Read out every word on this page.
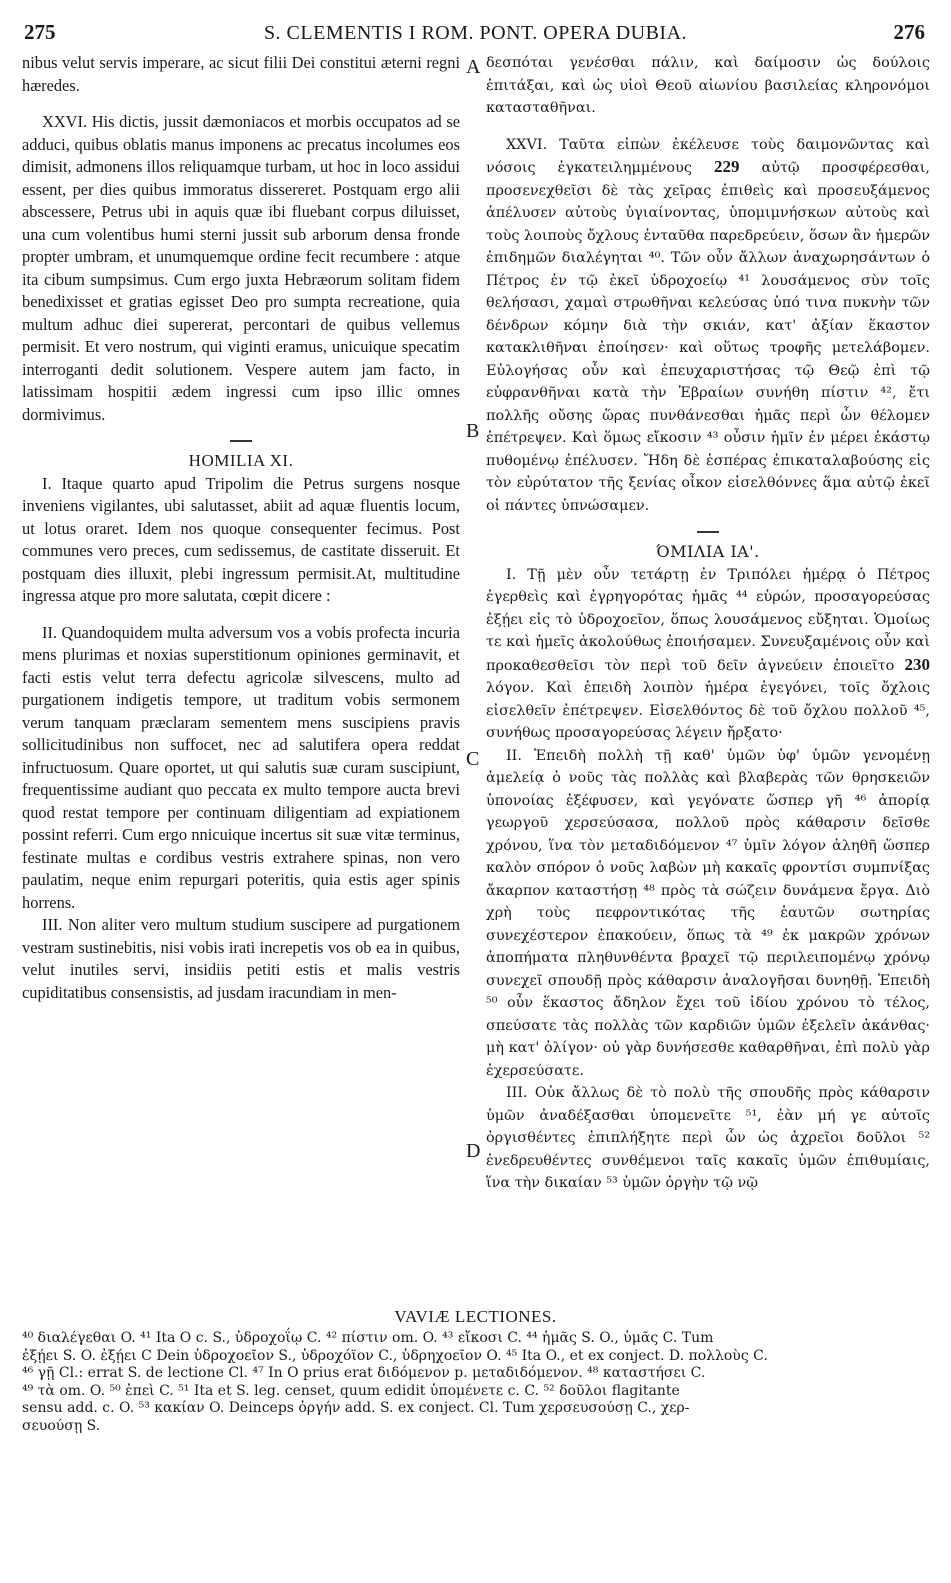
275	S. CLEMENTIS I ROM. PONT. OPERA DUBIA.	276

nibus velut servis imperare, ac sicut filii Dei constitui æterni regni hæredes.

XXVI. His dictis, jussit dæmoniacos et morbis occupatos ad se adduci, quibus oblatis manus imponens ac precatus incolumes eos dimisit, admonens illos reliquamque turbam, ut hoc in loco assidui essent, per dies quibus immoratus dissereret. Postquam ergo alii abscessere, Petrus ubi in aquis quæ ibi fluebant corpus diluisset, una cum volentibus humi sterni jussit sub arborum densa fronde propter umbram, et unumquemque ordine fecit recumbere : atque ita cibum sumpsimus. Cum ergo juxta Hebræorum solitam fidem benedixisset et gratias egisset Deo pro sumpta recreatione, quia multum adhuc diei supererat, percontari de quibus vellemus permisit. Et vero nostrum, qui viginti eramus, unicuique specatim interroganti dedit solutionem. Vespere autem jam facto, in latissimam hospitii ædem ingressi cum ipso illic omnes dormivimus.

HOMILIA XI.

I. Itaque quarto apud Tripolim die Petrus surgens nosque inveniens vigilantes, ubi salutasset, abiit ad aquæ fluentis locum, ut lotus oraret. Idem nos quoque consequenter fecimus. Post communes vero preces, cum sedissemus, de castitate disseruit. Et postquam dies illuxit, plebi ingressum permisit.At, multitudine ingressa atque pro more salutata, cœpit dicere :

II. Quandoquidem multa adversum vos a vobis profecta incuria mens plurimas et noxias superstitionum opiniones germinavit, et facti estis velut terra defectu agricolæ silvescens, multo ad purgationem indigetis tempore, ut traditum vobis sermonem verum tanquam præclaram sementem mens suscipiens pravis sollicitudinibus non suffocet, nec ad salutifera opera reddat infructuosum. Quare oportet, ut qui salutis suæ curam suscipiunt, frequentissime audiant quo peccata ex multo tempore aucta brevi quod restat tempore per continuam diligentiam ad expiationem possint referri. Cum ergo nnicuique incertus sit suæ vitæ terminus, festinate multas e cordibus vestris extrahere spinas, non vero paulatim, neque enim repurgari poteritis, quia estis ager spinis horrens.

III. Non aliter vero multum studium suscipere ad purgationem vestram sustinebitis, nisi vobis irati increpetis vos ob ea in quibus, velut inutiles servi, insidiis petiti estis et malis vestris cupiditatibus consensistis, ad jusdam iracundiam in men-

A
B
C
D

δεσπόται γενέσθαι πάλιν, καὶ δαίμοσιν ὡς δούλοις ἐπιτάξαι, καὶ ὡς υἱοὶ Θεοῦ αἰωνίου βασιλείας κληρονόμοι κατασταθῆναι.

XXVI. Ταῦτα εἰπὼν ἐκέλευσε τοὺς δαιμονῶντας καὶ νόσοις ἐγκατειλημμένους 229 αὐτῷ προσφέρεσθαι, προσενεχθεῖσι δὲ τὰς χεῖρας ἐπιθεὶς καὶ προσευξάμενος ἀπέλυσεν αὐτοὺς ὑγιαίνοντας, ὑπομιμνήσκων αὐτοὺς καὶ τοὺς λοιποὺς ὄχλους ἐνταῦθα παρεδρεύειν, ὅσων ἂν ἡμερῶν ἐπιδημῶν διαλέγηται ⁴⁰. Τῶν οὖν ἄλλων ἀναχωρησάντων ὁ Πέτρος ἐν τῷ ἐκεῖ ὑδροχοείῳ ⁴¹ λουσάμενος σὺν τοῖς θελήσασι, χαμαὶ στρωθῆναι κελεύσας ὑπό τινα πυκνὴν τῶν δένδρων κόμην διὰ τὴν σκιάν, κατ' ἀξίαν ἕκαστον κατακλιθῆναι ἐποίησεν· καὶ οὕτως τροφῆς μετελάβομεν. Εὐλογήσας οὖν καὶ ἐπευχαριστήσας τῷ Θεῷ ἐπὶ τῷ εὐφρανθῆναι κατὰ τὴν Ἑβραίων συνήθη πίστιν ⁴², ἔτι πολλῆς οὔσης ὥρας πυνθάνεσθαι ἡμᾶς περὶ ὧν θέλομεν ἐπέτρεψεν. Καὶ ὅμως εἴκοσιν ⁴³ οὖσιν ἡμῖν ἐν μέρει ἑκάστῳ πυθομένῳ ἐπέλυσεν. Ἤδη δὲ ἑσπέρας ἐπικαταλαβούσης εἰς τὸν εὐρύτατον τῆς ξενίας οἶκον εἰσελθόννες ἅμα αὐτῷ ἐκεῖ οἱ πάντες ὑπνώσαμεν.

ΌΜΙΛΙΑ ΙΑ'.

I. Τῇ μὲν οὖν τετάρτῃ ἐν Τριπόλει ἡμέρᾳ ὁ Πέτρος ἐγερθεὶς καὶ ἐγρηγορότας ἡμᾶς ⁴⁴ εὑρών, προσαγορεύσας ἐξῄει εἰς τὸ ὑδροχοεῖον, ὅπως λουσάμενος εὔξηται. Ὁμοίως τε καὶ ἡμεῖς ἀκολούθως ἐποιήσαμεν. Συνευξαμένοις οὖν καὶ προκαθεσθεῖσι τὸν περὶ τοῦ δεῖν ἁγνεύειν ἐποιεῖτο 230 λόγον. Καὶ ἐπειδὴ λοιπὸν ἡμέρα ἐγεγόνει, τοῖς ὄχλοις εἰσελθεῖν ἐπέτρεψεν. Εἰσελθόντος δὲ τοῦ ὄχλου πολλοῦ ⁴⁵, συνήθως προσαγορεύσας λέγειν ἤρξατο·

II. Ἐπειδὴ πολλὴ τῇ καθ' ὑμῶν ὑφ' ὑμῶν γενομένῃ ἀμελείᾳ ὁ νοῦς τὰς πολλὰς καὶ βλαβερὰς τῶν θρησκειῶν ὑπονοίας ἐξέφυσεν, καὶ γεγόνατε ὥσπερ γῆ ⁴⁶ ἀπορίᾳ γεωργοῦ χερσεύσασα, πολλοῦ πρὸς κάθαρσιν δεῖσθε χρόνου, ἵνα τὸν μεταδιδόμενον ⁴⁷ ὑμῖν λόγον ἀληθῆ ὥσπερ καλὸν σπόρον ὁ νοῦς λαβὼν μὴ κακαῖς φροντίσι συμπνίξας ἄκαρπον καταστήσῃ ⁴⁸ πρὸς τὰ σώζειν δυνάμενα ἔργα. Διὸ χρὴ τοὺς πεφροντικότας τῆς ἑαυτῶν σωτηρίας συνεχέστερον ἐπακούειν, ὅπως τὰ ⁴⁹ ἐκ μακρῶν χρόνων ἀποπήματα πληθυνθέντα βραχεῖ τῷ περιλειπομένῳ χρόνῳ συνεχεῖ σπουδῇ πρὸς κάθαρσιν ἀναλογῆσαι δυνηθῇ. Ἐπειδὴ ⁵⁰ οὖν ἕκαστος ἄδηλον ἔχει τοῦ ἰδίου χρόνου τὸ τέλος, σπεύσατε τὰς πολλὰς τῶν καρδιῶν ὑμῶν ἐξελεῖν ἀκάνθας· μὴ κατ' ὀλίγον· οὐ γὰρ δυνήσεσθε καθαρθῆναι, ἐπὶ πολὺ γὰρ ἐχερσεύσατε.

III. Οὐκ ἄλλως δὲ τὸ πολὺ τῆς σπουδῆς πρὸς κάθαρσιν ὑμῶν ἀναδέξασθαι ὑπομενεῖτε ⁵¹, ἐὰν μή γε αὐτοῖς ὀργισθέντες ἐπιπλήξητε περὶ ὧν ὡς ἀχρεῖοι δοῦλοι ⁵² ἐνεδρευθέντες συνθέμενοι ταῖς κακαῖς ὑμῶν ἐπιθυμίαις, ἵνα τὴν δικαίαν ⁵³ ὑμῶν ὀργὴν τῷ νῷ

VAVIÆ LECTIONES.

⁴⁰ διαλέγεθαι O. ⁴¹ Ita O c. S., ὑδροχοΐῳ C. ⁴² πίστιν om. O. ⁴³ εἴκοσι C. ⁴⁴ ἡμᾶς S. O., ὑμᾶς C. Tum

ἐξῄει S. O. ἐξῄει C Dein ὑδροχοεῖον S., ὑδροχόϊον C., ὑδρηχοεῖον O. ⁴⁵ Ita O., et ex conject. D. πολλοὺς C.

⁴⁶ γῇ Cl.: errat S. de lectione Cl. ⁴⁷ In O prius erat διδόμενον p. μεταδιδόμενον. ⁴⁸ καταστήσει C.

⁴⁹ τὰ om. O. ⁵⁰ ἐπεὶ C. ⁵¹ Ita et S. leg. censet, quum edidit ὑπομένετε c. C. ⁵² δοῦλοι flagitante

sensu add. c. O. ⁵³ κακίαν O. Deinceps ὀργήν add. S. ex conject. Cl. Tum χερσευσούσῃ C., χερ-

σευούσῃ S.
